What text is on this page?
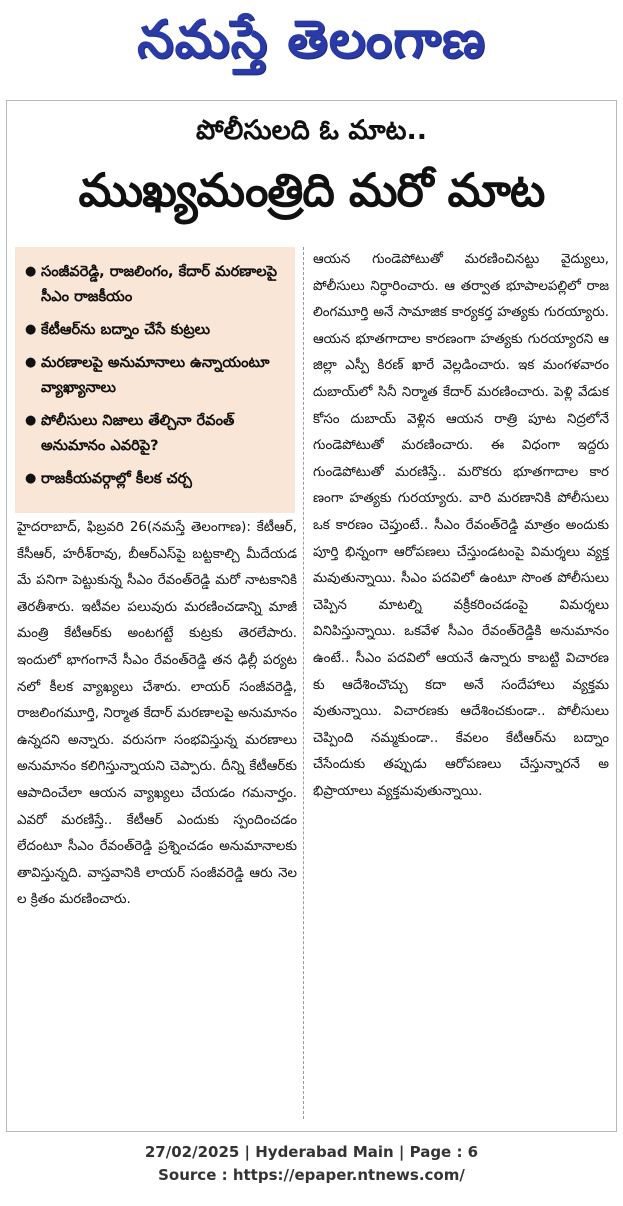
నమస్తే తెలంగాణ
పోలీసులది ఓ మాట..
ముఖ్యమంత్రిది మరో మాట
● సంజీవరెడ్డి, రాజలింగం, కేదార్ మరణాలపై సీఎం రాజకీయం
● కేటీఆర్‌ను బద్నాం చేసే కుట్రలు
● మరణాలపై అనుమానాలు ఉన్నాయంటూ వ్యాఖ్యానాలు
● పోలీసులు నిజాలు తేల్చినా రేవంత్ అనుమానం ఎవరిపై?
● రాజకీయవర్గాల్లో కీలక చర్చ

హైదరాబాద్, ఫిబ్రవరి 26(నమస్తే తెలంగాణ): కేటీఆర్, కేసీఆర్, హరీశ్‌రావు, బీఆర్‌ఎస్‌పై బట్టకాల్చి మీదేయడమే పనిగా పెట్టుకున్న సీఎం రేవంత్‌రెడ్డి మరో నాటకానికి తెరతీశారు. ఇటీవల పలువురు మరణించడాన్ని మాజీ మంత్రి కేటీఆర్‌కు అంటగట్టే కుట్రకు తెరలేపారు. ఇందులో భాగంగానే సీఎం రేవంత్‌రెడ్డి తన ఢిల్లీ పర్యటనలో కీలక వ్యాఖ్యలు చేశారు. లాయర్ సంజీవరెడ్డి, రాజలింగమూర్తి, నిర్మాత కేదార్ మరణాలపై అనుమానం ఉన్నదని అన్నారు. వరుసగా సంభవిస్తున్న మరణాలు అనుమానం కలిగిస్తున్నాయని చెప్పారు. దీన్ని కేటీఆర్‌కు ఆపాదించేలా ఆయన వ్యాఖ్యలు చేయడం గమనార్హం. ఎవరో మరణిస్తే.. కేటీఆర్ ఎందుకు స్పందించడం లేదంటూ సీఎం రేవంత్‌రెడ్డి ప్రశ్నించడం అనుమానాలకు తావిస్తున్నది. వాస్తవానికి లాయర్ సంజీవరెడ్డి ఆరు నెలల క్రితం మరణించారు.

ఆయన గుండెపోటుతో మరణించినట్టు వైద్యులు, పోలీసులు నిర్ధారించారు. ఆ తర్వాత భూపాలపల్లిలో రాజలింగమూర్తి అనే సామాజిక కార్యకర్త హత్యకు గురయ్యారు. ఆయన భూతగాదాల కారణంగా హత్యకు గురయ్యారని ఆ జిల్లా ఎస్పీ కిరణ్ ఖారే వెల్లడించారు. ఇక మంగళవారం దుబాయ్‌లో సినీ నిర్మాత కేదార్ మరణించారు. పెళ్లి వేడుక కోసం దుబాయ్ వెళ్లిన ఆయన రాత్రి పూట నిద్రలోనే గుండెపోటుతో మరణించారు. ఈ విధంగా ఇద్దరు గుండెపోటుతో మరణిస్తే.. మరొకరు భూతగాదాల కారణంగా హత్యకు గురయ్యారు. వారి మరణానికి పోలీసులు ఒక కారణం చెప్తుంటే.. సీఎం రేవంత్‌రెడ్డి మాత్రం అందుకు పూర్తి భిన్నంగా ఆరోపణలు చేస్తుండటంపై విమర్శలు వ్యక్తమవుతున్నాయి. సీఎం పదవిలో ఉంటూ సొంత పోలీసులు చెప్పిన మాటల్ని వక్రీకరించడంపై విమర్శలు వినిపిస్తున్నాయి. ఒకవేళ సీఎం రేవంత్‌రెడ్డికి అనుమానం ఉంటే.. సీఎం పదవిలో ఆయనే ఉన్నారు కాబట్టి విచారణకు ఆదేశించొచ్చు కదా అనే సందేహాలు వ్యక్తమవుతున్నాయి. విచారణకు ఆదేశించకుండా.. పోలీసులు చెప్పింది నమ్మకుండా.. కేవలం కేటీఆర్‌ను బద్నాం చేసేందుకు తప్పుడు ఆరోపణలు చేస్తున్నారనే అభిప్రాయాలు వ్యక్తమవుతున్నాయి.

27/02/2025 | Hyderabad Main | Page : 6
Source : https://epaper.ntnews.com/
